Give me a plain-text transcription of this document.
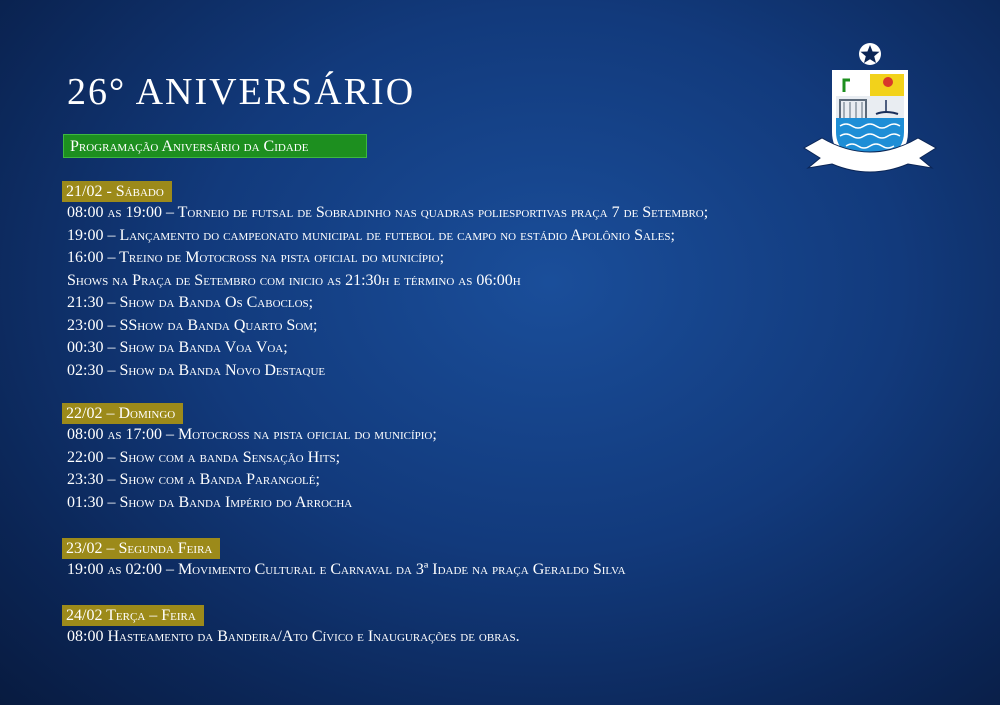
26° ANIVERSÁRIO
Programação Aniversário da Cidade
21/02 - Sábado
08:00 as 19:00 – Torneio de futsal de Sobradinho nas quadras poliesportivas praça 7 de Setembro;
19:00 – Lançamento do campeonato municipal de futebol de campo no estádio Apolônio Sales;
16:00 – Treino de Motocross na pista oficial do município;
Shows na Praça de Setembro com inicio as 21:30h e término as 06:00h
21:30 – Show da Banda Os Caboclos;
23:00 – SShow da Banda Quarto Som;
00:30 – Show da Banda Voa Voa;
02:30 – Show da Banda Novo Destaque
22/02 – Domingo
08:00 as 17:00 – Motocross na pista oficial do município;
22:00 – Show com a banda Sensação Hits;
23:30 – Show com a Banda Parangolé;
01:30 – Show da Banda Império do Arrocha
23/02 – Segunda Feira
19:00 as 02:00 – Movimento Cultural e Carnaval da 3ª Idade na praça Geraldo Silva
24/02 Terça – Feira
08:00 Hasteamento da Bandeira/Ato Cívico e Inaugurações de obras.
